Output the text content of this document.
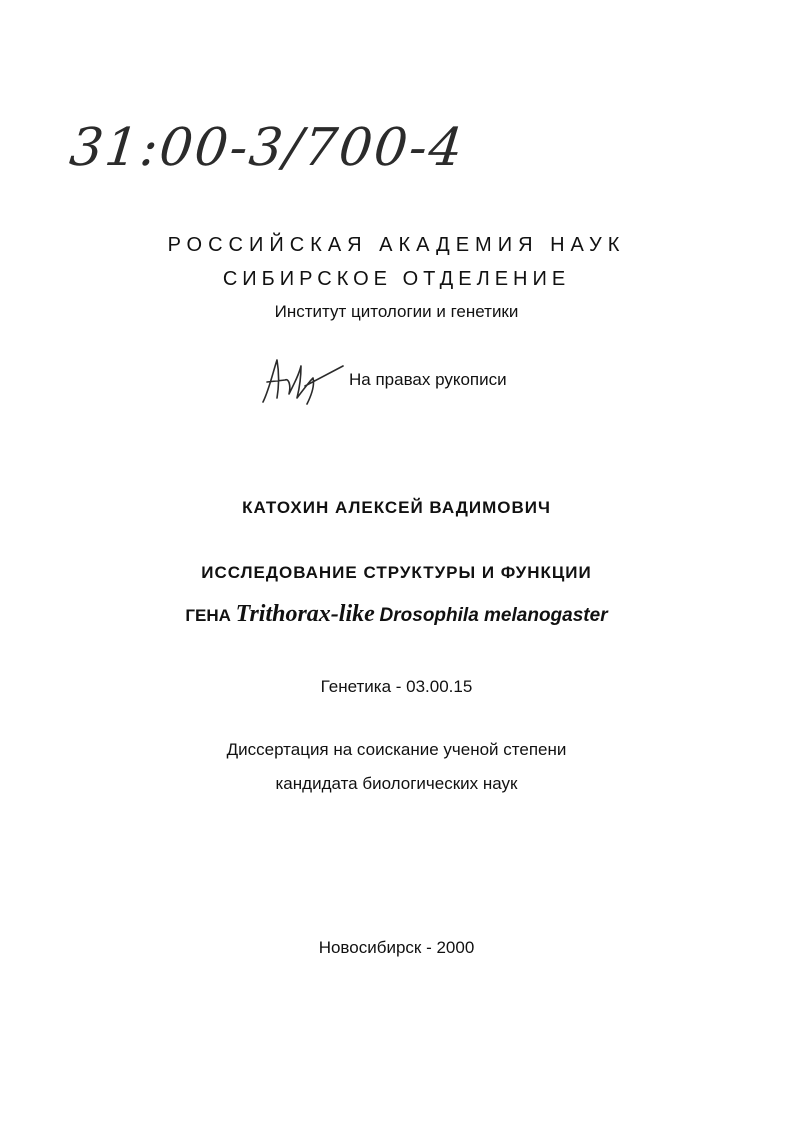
31:00-3/700-4
РОССИЙСКАЯ АКАДЕМИЯ НАУК
СИБИРСКОЕ ОТДЕЛЕНИЕ
Институт цитологии и генетики
На правах рукописи
КАТОХИН АЛЕКСЕЙ ВАДИМОВИЧ
ИССЛЕДОВАНИЕ СТРУКТУРЫ И ФУНКЦИИ
ГЕНА Trithorax-like Drosophila melanogaster
Генетика - 03.00.15
Диссертация на соискание ученой степени
кандидата биологических наук
Новосибирск - 2000
